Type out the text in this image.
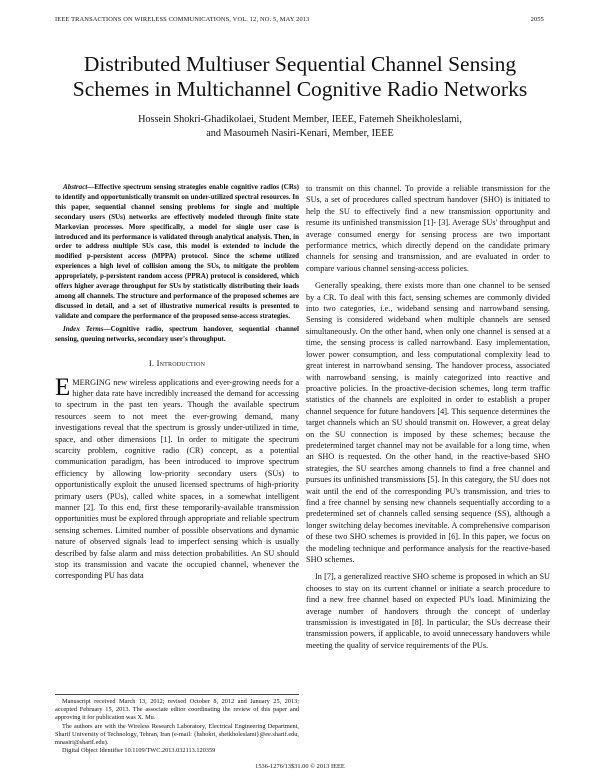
IEEE TRANSACTIONS ON WIRELESS COMMUNICATIONS, VOL. 12, NO. 5, MAY 2013	2055
Distributed Multiuser Sequential Channel Sensing
Schemes in Multichannel Cognitive Radio Networks
Hossein Shokri-Ghadikolaei, Student Member, IEEE, Fatemeh Sheikholeslami,
and Masoumeh Nasiri-Kenari, Member, IEEE

Abstract—Effective spectrum sensing strategies enable cognitive radios (CRs) to identify and opportunistically transmit on under-utilized spectral resources. In this paper, sequential channel sensing problems for single and multiple secondary users (SUs) networks are effectively modeled through finite state Markovian processes. More specifically, a model for single user case is introduced and its performance is validated through analytical analysis. Then, in order to address multiple SUs case, this model is extended to include the modified p-persistent access (MPPA) protocol. Since the scheme utilized experiences a high level of collision among the SUs, to mitigate the problem appropriately, p-persistent random access (PPRA) protocol is considered, which offers higher average throughput for SUs by statistically distributing their loads among all channels. The structure and performance of the proposed schemes are discussed in detail, and a set of illustrative numerical results is presented to validate and compare the performance of the proposed sense-access strategies.

Index Terms—Cognitive radio, spectrum handover, sequential channel sensing, queuing networks, secondary user's throughput.

I. Introduction

EMERGING new wireless applications and ever-growing needs for a higher data rate have incredibly increased the demand for accessing to spectrum in the past ten years. Though the available spectrum resources seem to not meet the ever-growing demand, many investigations reveal that the spectrum is grossly under-utilized in time, space, and other dimensions [1]. In order to mitigate the spectrum scarcity problem, cognitive radio (CR) concept, as a potential communication paradigm, has been introduced to improve spectrum efficiency by allowing low-priority secondary users (SUs) to opportunistically exploit the unused licensed spectrums of high-priority primary users (PUs), called white spaces, in a somewhat intelligent manner [2]. To this end, first these temporarily-available transmission opportunities must be explored through appropriate and reliable spectrum sensing schemes. Limited number of possible observations and dynamic nature of observed signals lead to imperfect sensing which is usually described by false alarm and miss detection probabilities. An SU should stop its transmission and vacate the occupied channel, whenever the corresponding PU has data

to transmit on this channel. To provide a reliable transmission for the SUs, a set of procedures called spectrum handover (SHO) is initiated to help the SU to effectively find a new transmission opportunity and resume its unfinished transmission [1]- [3]. Average SUs' throughput and average consumed energy for sensing process are two important performance metrics, which directly depend on the candidate primary channels for sensing and transmission, and are evaluated in order to compare various channel sensing-access policies.

Generally speaking, there exists more than one channel to be sensed by a CR. To deal with this fact, sensing schemes are commonly divided into two categories, i.e., wideband sensing and narrowband sensing. Sensing is considered wideband when multiple channels are sensed simultaneously. On the other hand, when only one channel is sensed at a time, the sensing process is called narrowband. Easy implementation, lower power consumption, and less computational complexity lead to great interest in narrowband sensing. The handover process, associated with narrowband sensing, is mainly categorized into reactive and proactive policies. In the proactive-decision schemes, long term traffic statistics of the channels are exploited in order to establish a proper channel sequence for future handovers [4]. This sequence determines the target channels which an SU should transmit on. However, a great delay on the SU connection is imposed by these schemes; because the predetermined target channel may not be available for a long time, when an SHO is requested. On the other hand, in the reactive-based SHO strategies, the SU searches among channels to find a free channel and pursues its unfinished transmissions [5]. In this category, the SU does not wait until the end of the corresponding PU's transmission, and tries to find a free channel by sensing new channels sequentially according to a predetermined set of channels called sensing sequence (SS), although a longer switching delay becomes inevitable. A comprehensive comparison of these two SHO schemes is provided in [6]. In this paper, we focus on the modeling technique and performance analysis for the reactive-based SHO schemes.

In [7], a generalized reactive SHO scheme is proposed in which an SU chooses to stay on its current channel or initiate a search procedure to find a new free channel based on expected PU's load. Minimizing the average number of handovers through the concept of underlay transmission is investigated in [8]. In particular, the SUs decrease their transmission powers, if applicable, to avoid unnecessary handovers while meeting the quality of service requirements of the PUs.

Manuscript received March 13, 2012; revised October 8, 2012 and January 25, 2013; accepted February 15, 2013. The associate editor coordinating the review of this paper and approving it for publication was X. Mu.

The authors are with the Wireless Research Laboratory, Electrical Engineering Department, Sharif University of Technology, Tehran, Iran (e-mail: {hshokri, sheikholeslami}@ee.sharif.edu, mnasiri@sharif.edu).

Digital Object Identifier 10.1109/TWC.2013.032113.120359

1536-1276/13$31.00 © 2013 IEEE
